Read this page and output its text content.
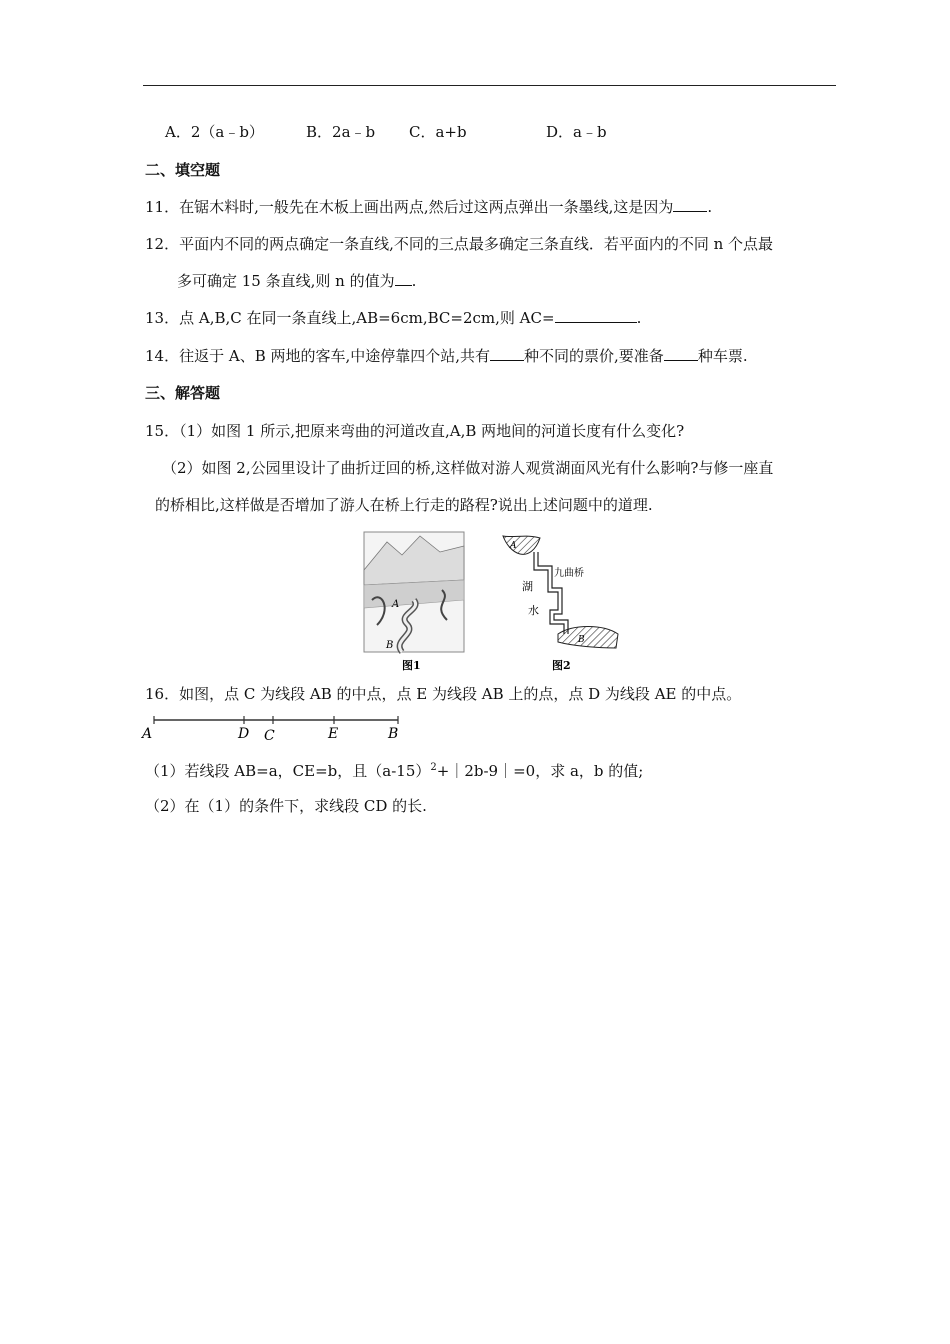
A．2（a﹣b）	B．2a﹣b C．a+b	D．a﹣b
二、填空题
11．在锯木料时,一般先在木板上画出两点,然后过这两点弹出一条墨线,这是因为 .
12．平面内不同的两点确定一条直线,不同的三点最多确定三条直线．若平面内的不同 n 个点最
多可确定 15 条直线,则 n 的值为 .
13．点 A,B,C 在同一条直线上,AB=6cm,BC=2cm,则 AC=	.
14．往返于 A、B 两地的客车,中途停靠四个站,共有 种不同的票价,要准备 种车票.
三、解答题
15．（1）如图 1 所示,把原来弯曲的河道改直,A,B 两地间的河道长度有什么变化?
（2）如图 2,公园里设计了曲折迂回的桥,这样做对游人观赏湖面风光有什么影响?与修一座直
的桥相比,这样做是否增加了游人在桥上行走的路程?说出上述问题中的道理.
A
B
图1
A
九曲桥
湖
水
B
图2
16．如图，点 C 为线段 AB 的中点，点 E 为线段 AB 上的点，点 D 为线段 AE 的中点。
A	D C	E	B
（1）若线段 AB=a，CE=b，且$(a-15)^2+|2b-9|=0$，求 a，b 的值;
（2）在（1）的条件下，求线段 CD 的长.
